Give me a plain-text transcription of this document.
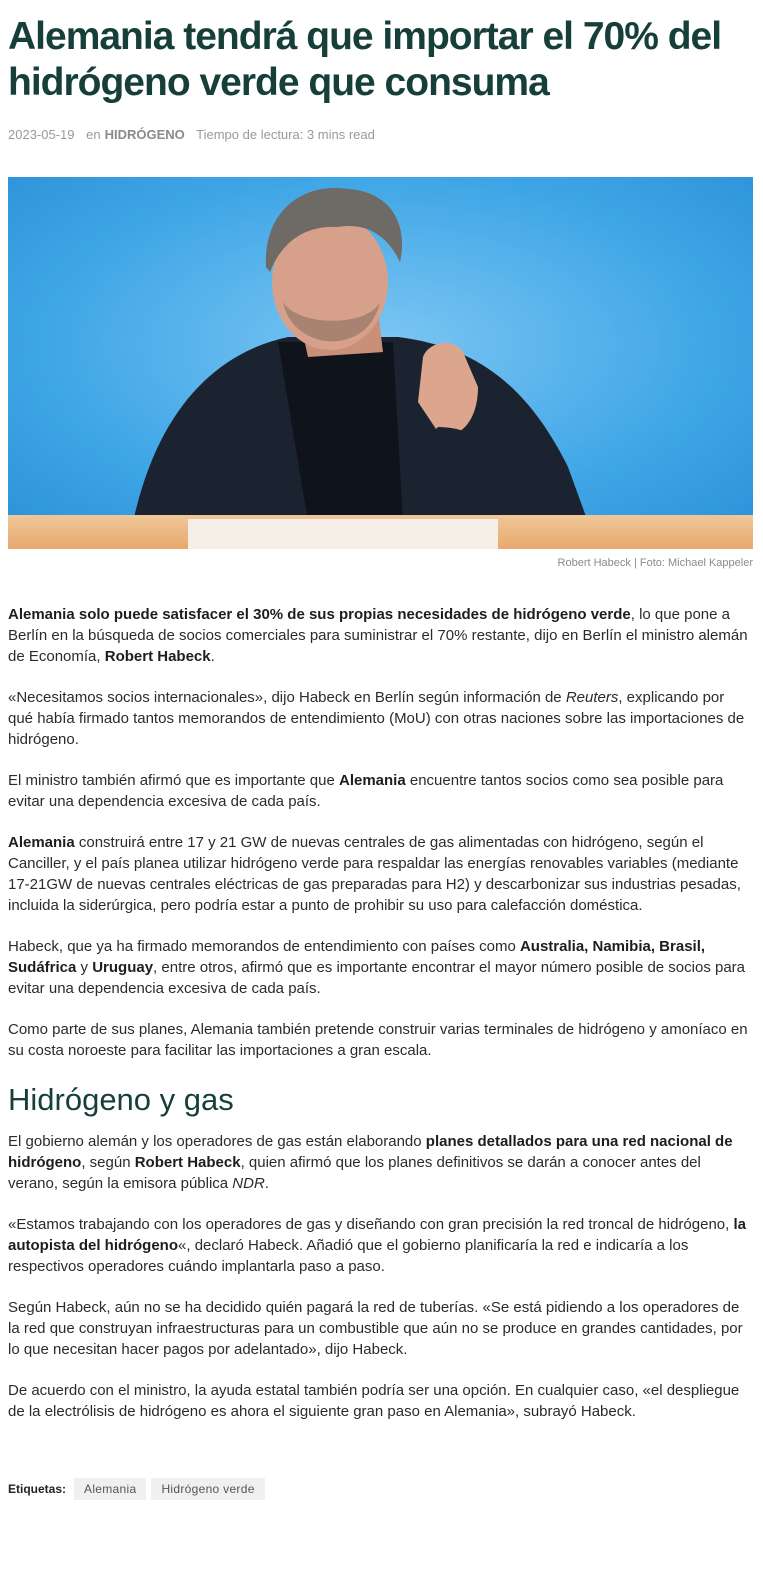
Alemania tendrá que importar el 70% del hidrógeno verde que consuma
2023-05-19 en HIDRÓGENO Tiempo de lectura: 3 mins read
Robert Habeck | Foto: Michael Kappeler

Alemania solo puede satisfacer el 30% de sus propias necesidades de hidrógeno verde, lo que pone a Berlín en la búsqueda de socios comerciales para suministrar el 70% restante, dijo en Berlín el ministro alemán de Economía, Robert Habeck.

«Necesitamos socios internacionales», dijo Habeck en Berlín según información de Reuters, explicando por qué había firmado tantos memorandos de entendimiento (MoU) con otras naciones sobre las importaciones de hidrógeno.

El ministro también afirmó que es importante que Alemania encuentre tantos socios como sea posible para evitar una dependencia excesiva de cada país.

Alemania construirá entre 17 y 21 GW de nuevas centrales de gas alimentadas con hidrógeno, según el Canciller, y el país planea utilizar hidrógeno verde para respaldar las energías renovables variables (mediante 17-21GW de nuevas centrales eléctricas de gas preparadas para H2) y descarbonizar sus industrias pesadas, incluida la siderúrgica, pero podría estar a punto de prohibir su uso para calefacción doméstica.

Habeck, que ya ha firmado memorandos de entendimiento con países como Australia, Namibia, Brasil, Sudáfrica y Uruguay, entre otros, afirmó que es importante encontrar el mayor número posible de socios para evitar una dependencia excesiva de cada país.

Como parte de sus planes, Alemania también pretende construir varias terminales de hidrógeno y amoníaco en su costa noroeste para facilitar las importaciones a gran escala.

Hidrógeno y gas

El gobierno alemán y los operadores de gas están elaborando planes detallados para una red nacional de hidrógeno, según Robert Habeck, quien afirmó que los planes definitivos se darán a conocer antes del verano, según la emisora pública NDR.

«Estamos trabajando con los operadores de gas y diseñando con gran precisión la red troncal de hidrógeno, la autopista del hidrógeno«, declaró Habeck. Añadió que el gobierno planificaría la red e indicaría a los respectivos operadores cuándo implantarla paso a paso.

Según Habeck, aún no se ha decidido quién pagará la red de tuberías. «Se está pidiendo a los operadores de la red que construyan infraestructuras para un combustible que aún no se produce en grandes cantidades, por lo que necesitan hacer pagos por adelantado», dijo Habeck.

De acuerdo con el ministro, la ayuda estatal también podría ser una opción. En cualquier caso, «el despliegue de la electrólisis de hidrógeno es ahora el siguiente gran paso en Alemania», subrayó Habeck.

Etiquetas:	Alemania	Hidrógeno verde
